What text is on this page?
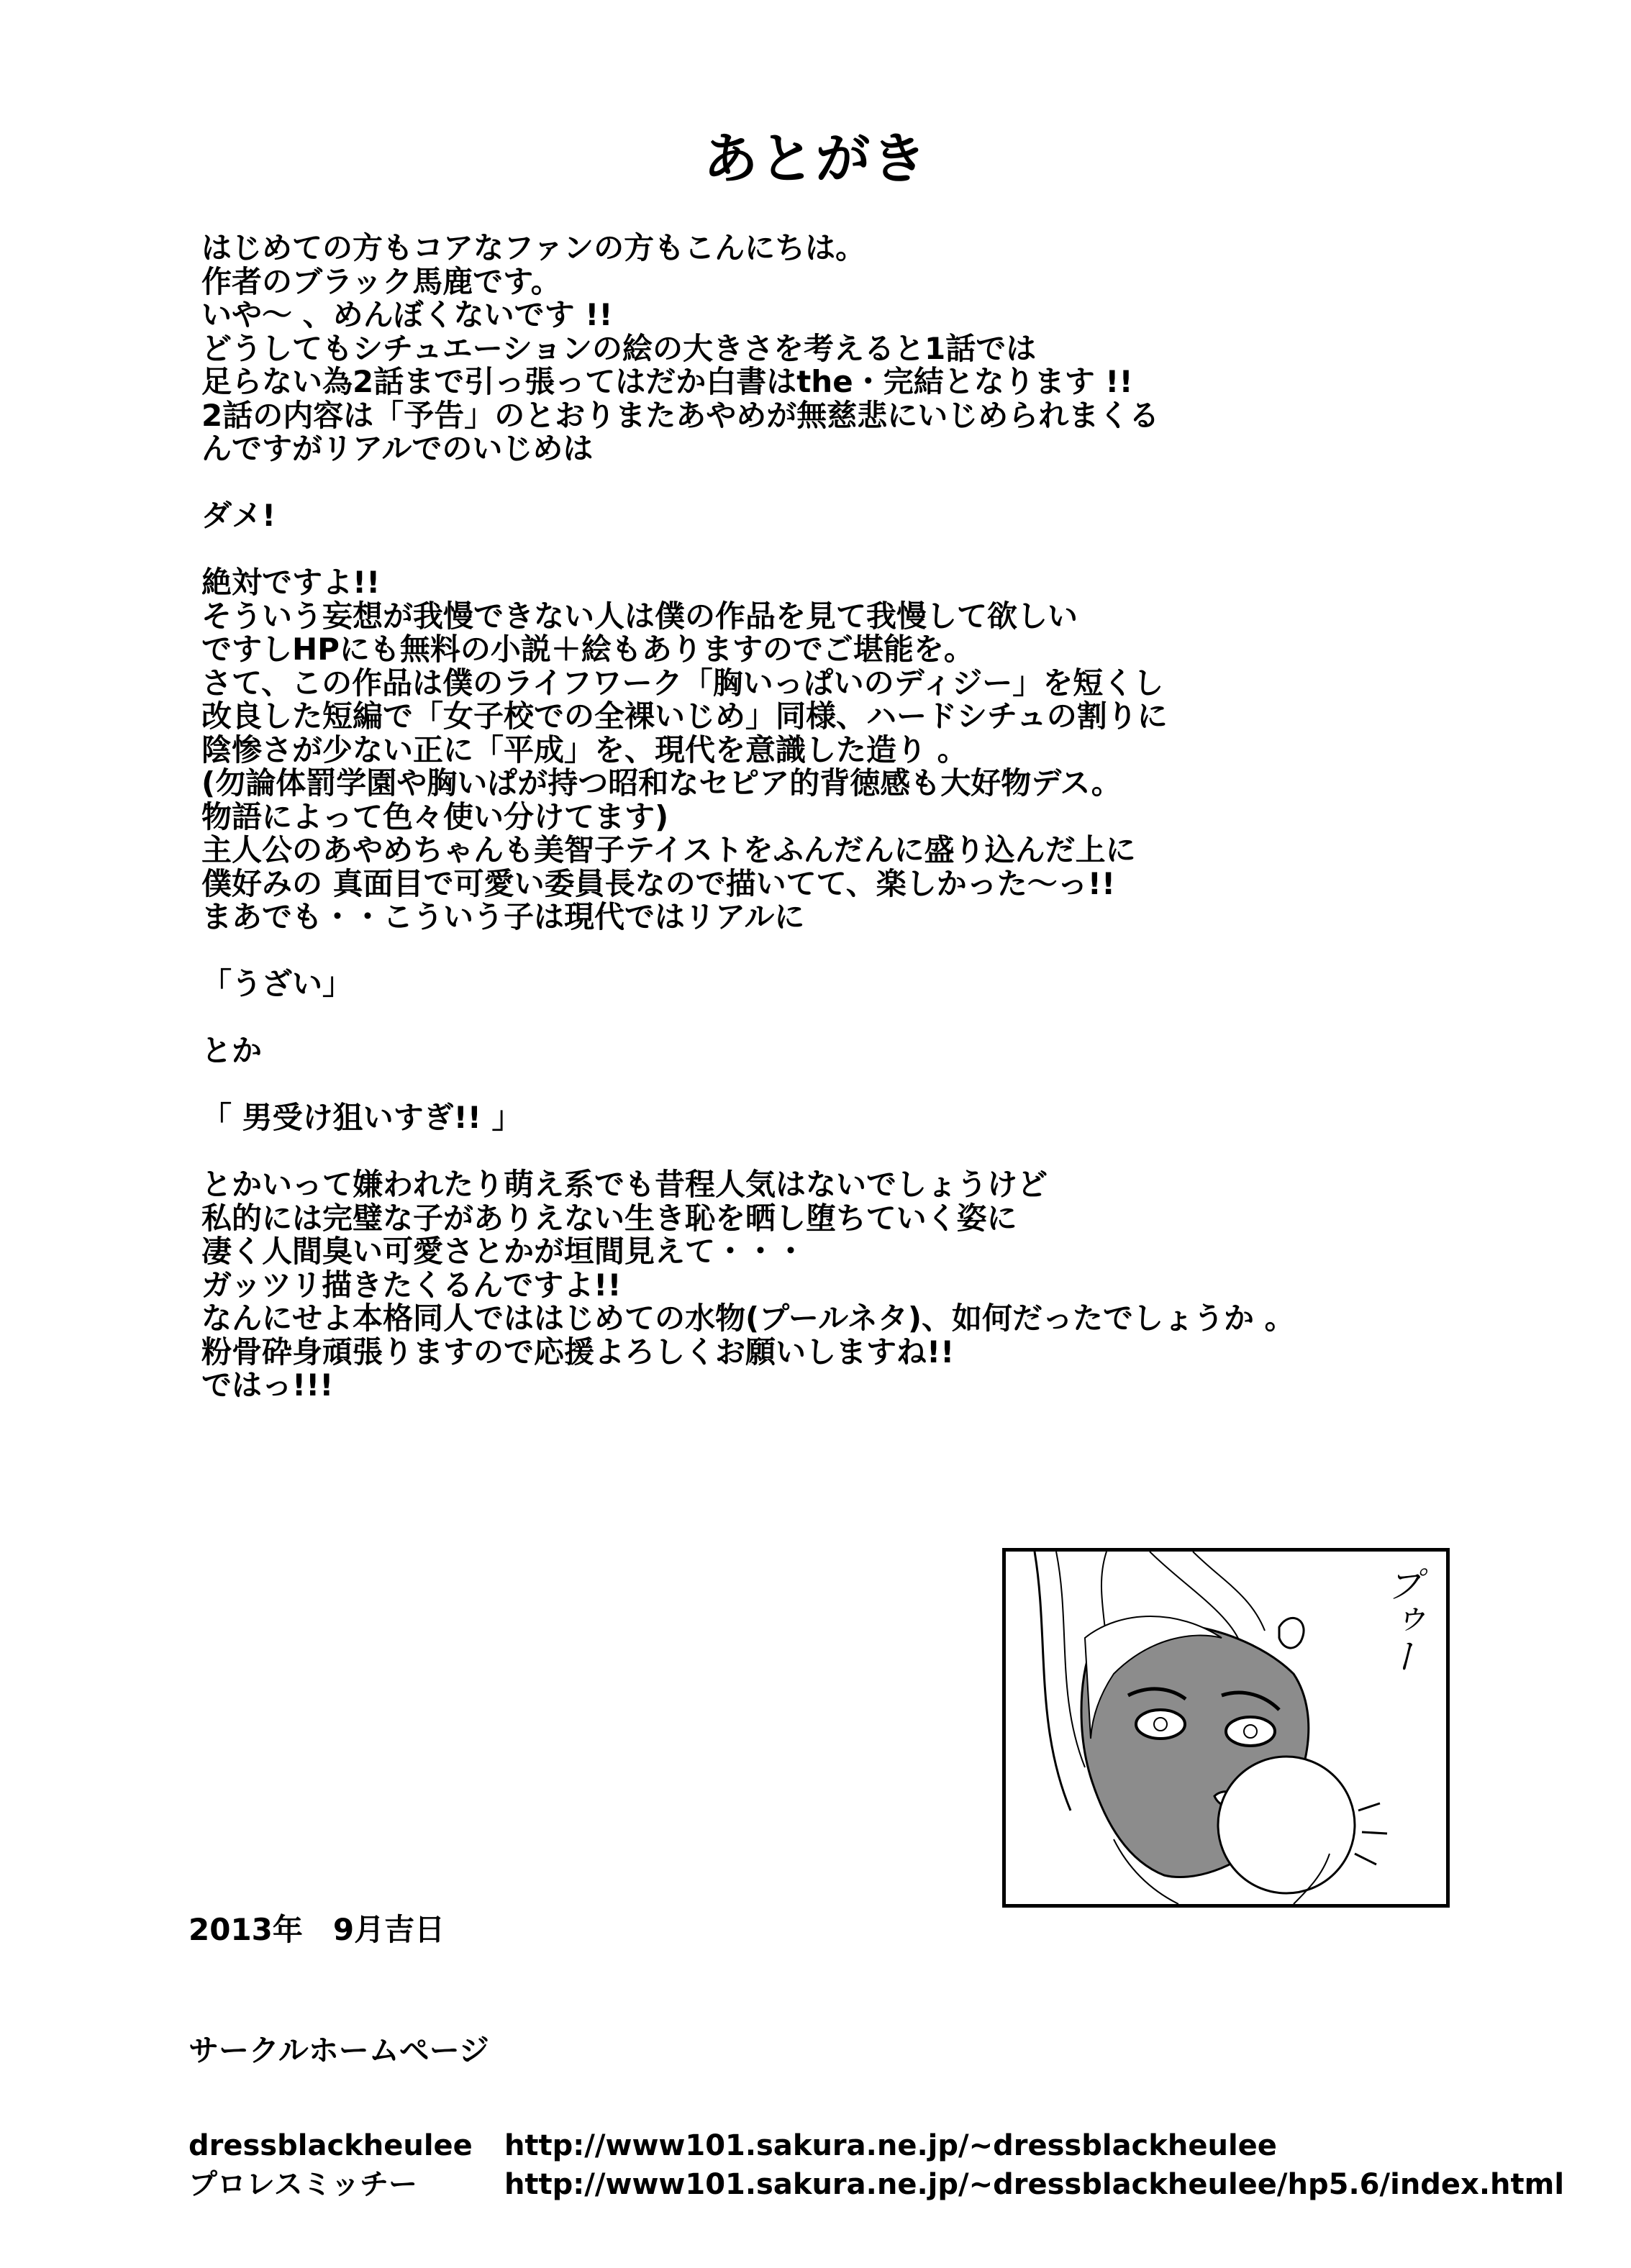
あとがき
はじめての方もコアなファンの方もこんにちは。
作者のブラック馬鹿です。
いや～ 、めんぼくないです !!
どうしてもシチュエーションの絵の大きさを考えると1話では
足らない為2話まで引っ張ってはだか白書はthe・完結となります !!
2話の内容は「予告」のとおりまたあやめが無慈悲にいじめられまくる
んですがリアルでのいじめは
ダメ!
絶対ですよ!!
そういう妄想が我慢できない人は僕の作品を見て我慢して欲しい
ですしHPにも無料の小説＋絵もありますのでご堪能を。
さて、この作品は僕のライフワーク「胸いっぱいのディジー」を短くし
改良した短編で「女子校での全裸いじめ」同様、ハードシチュの割りに
陰惨さが少ない正に「平成」を、現代を意識した造り 。
(勿論体罰学園や胸いぱが持つ昭和なセピア的背徳感も大好物デス。
物語によって色々使い分けてます)
主人公のあやめちゃんも美智子テイストをふんだんに盛り込んだ上に
僕好みの 真面目で可愛い委員長なので描いてて、楽しかった～っ!!
まあでも・・こういう子は現代ではリアルに
「うざい」
とか
「 男受け狙いすぎ!! 」
とかいって嫌われたり萌え系でも昔程人気はないでしょうけど
私的には完璧な子がありえない生き恥を晒し堕ちていく姿に
凄く人間臭い可愛さとかが垣間見えて・・・
ガッツリ描きたくるんですよ!!
なんにせよ本格同人でははじめての水物(プールネタ)、如何だったでしょうか 。
粉骨砕身頑張りますので応援よろしくお願いしますね!!
ではっ!!!
プゥー
2013年　9月吉日
サークルホームページ
dressblackheulee http://www101.sakura.ne.jp/~dressblackheulee
プロレスミッチー	http://www101.sakura.ne.jp/~dressblackheulee/hp5.6/index.html
